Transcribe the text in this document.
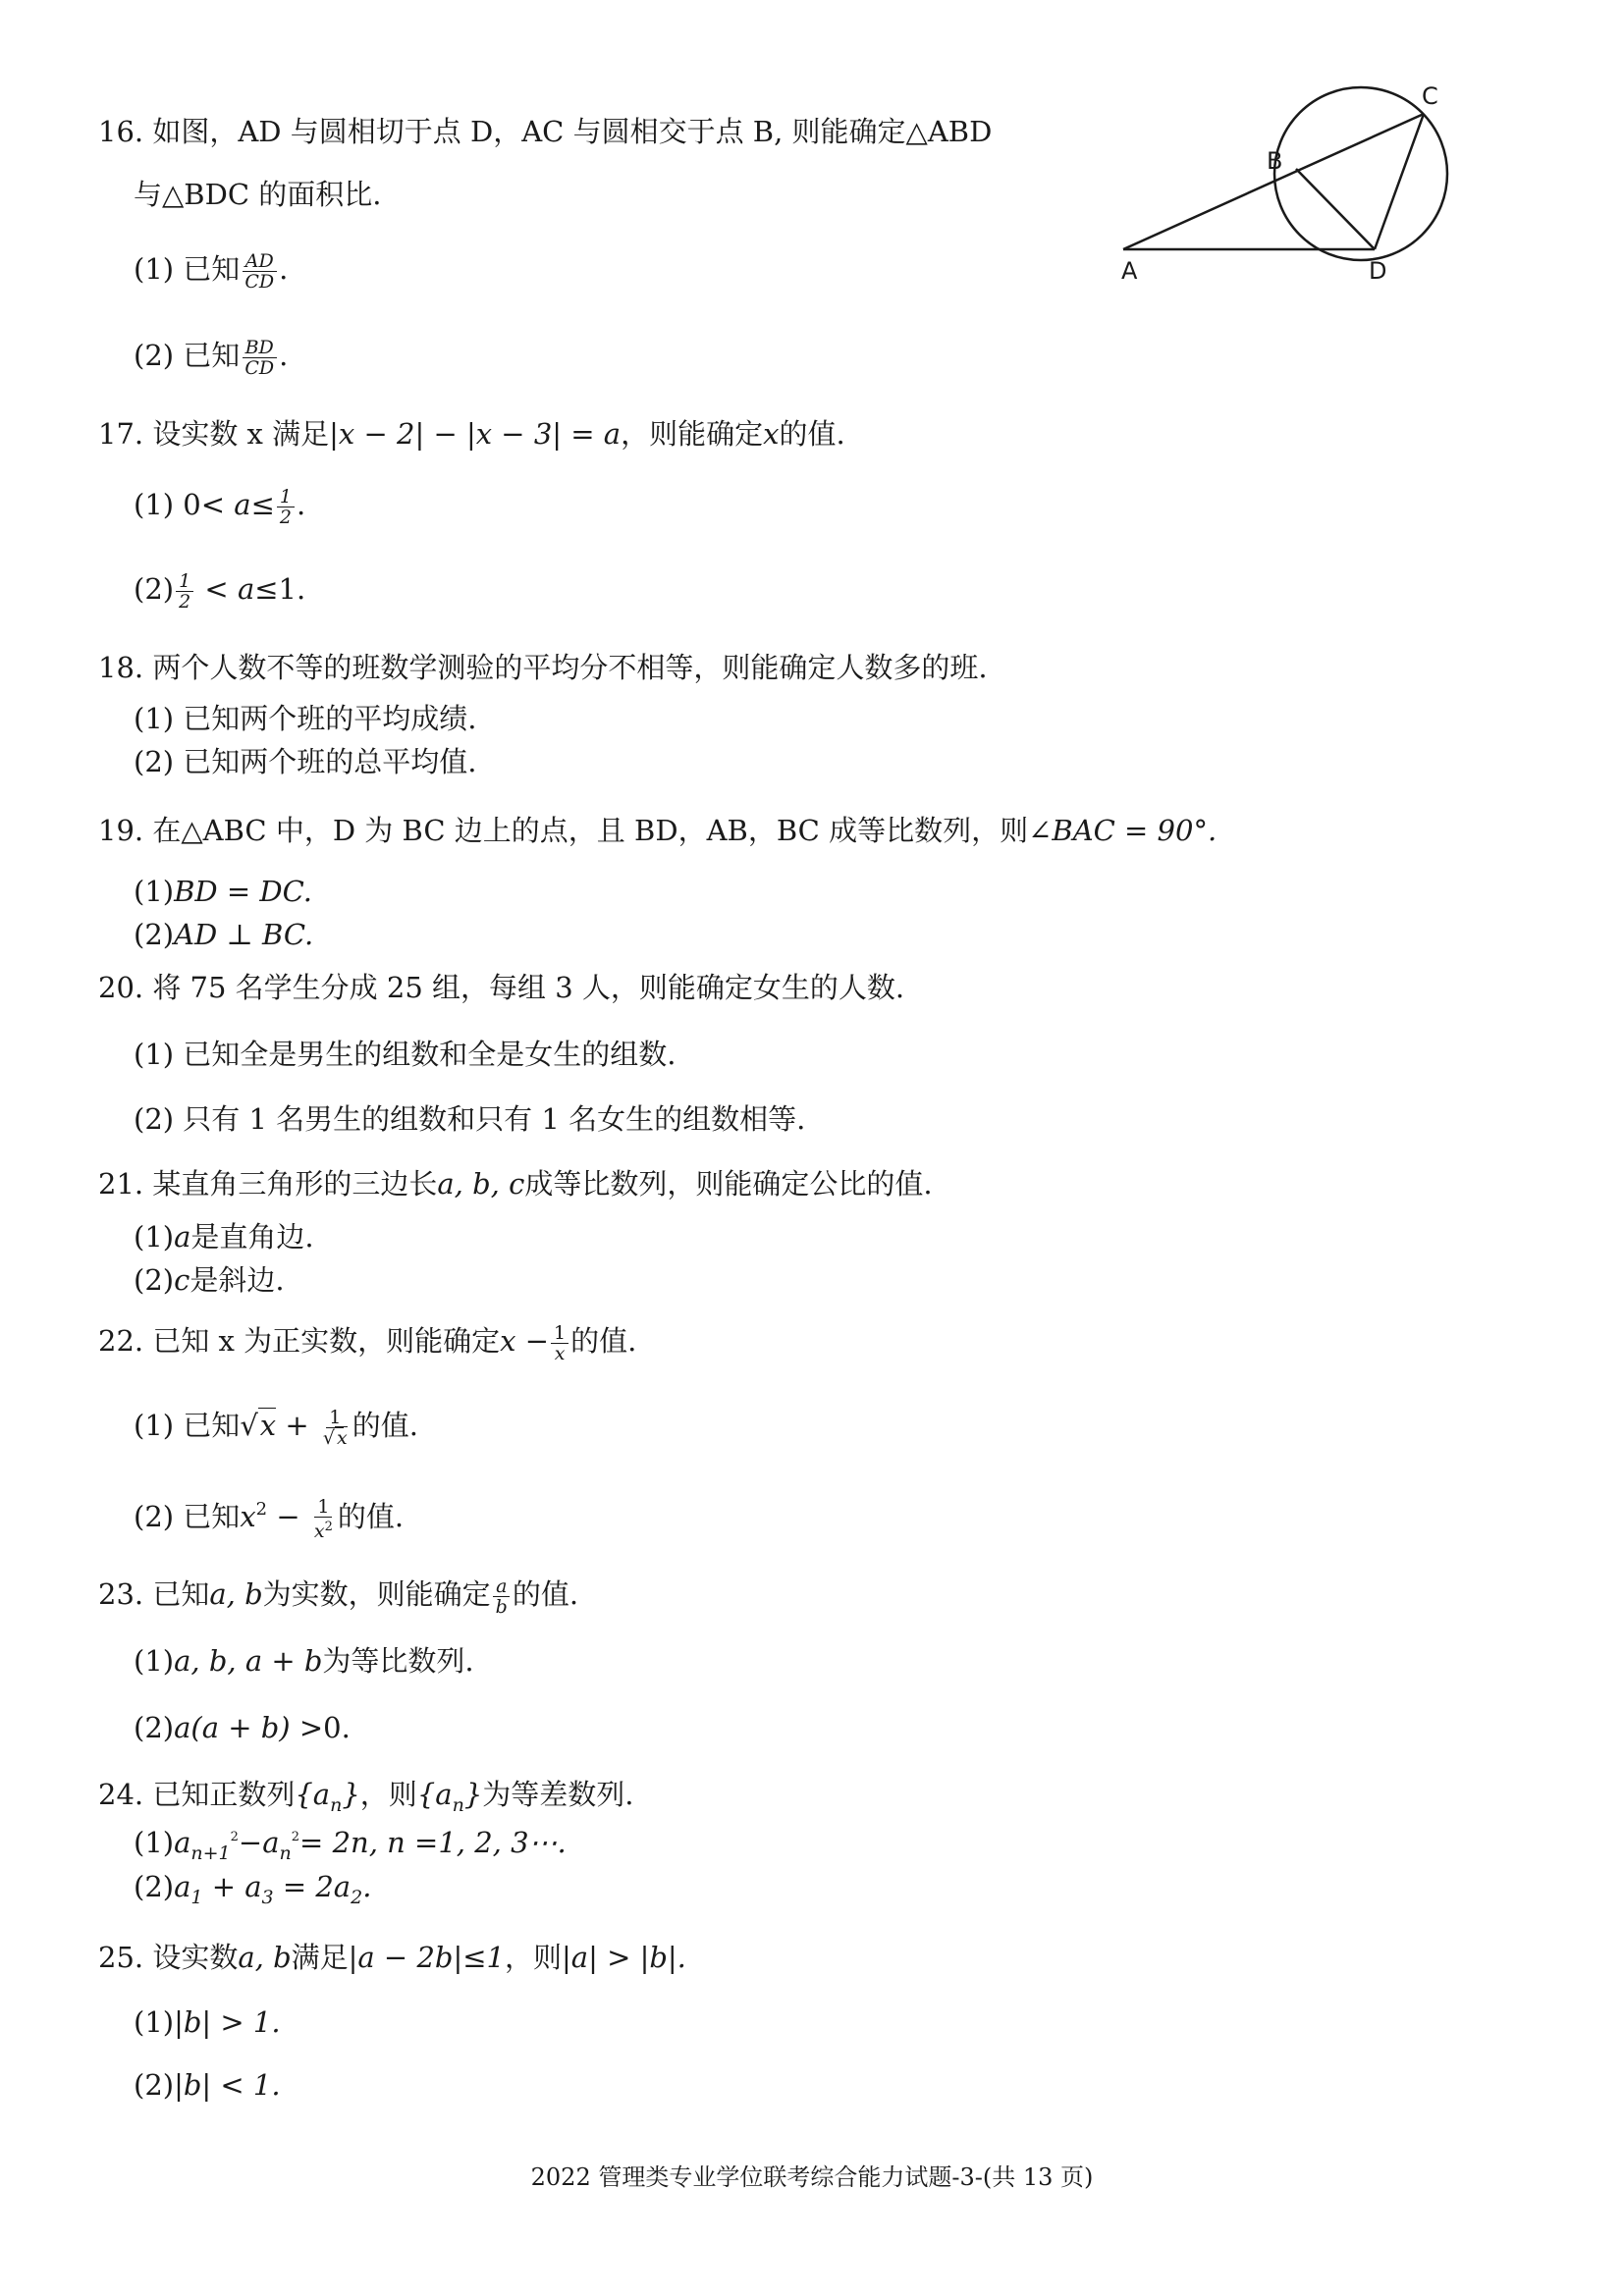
16. 如图，AD 与圆相切于点 D，AC 与圆相交于点 B, 则能确定△ABD
与△BDC 的面积比.
(1) 已知 $\frac{AD}{CD}$ .
(2) 已知 $\frac{BD}{CD}$ .
A
B
C
D
17. 设实数 x 满足|x − 2| − |x − 3| = a，则能确定x的值.
(1) $0< a\le \frac{1}{2}$ .
$(2) \frac{1}{2} < a\le 1$.
18. 两个人数不等的班数学测验的平均分不相等，则能确定人数多的班.
(1) 已知两个班的平均成绩.
(2) 已知两个班的总平均值.
19. 在△ABC 中，D 为 BC 边上的点，且 BD，AB，BC 成等比数列，则∠BAC = 90°.
(1)BD = DC.
(2)AD ⊥ BC.
20. 将 75 名学生分成 25 组，每组 3 人，则能确定女生的人数.
(1) 已知全是男生的组数和全是女生的组数.
(2) 只有 1 名男生的组数和只有 1 名女生的组数相等.
21. 某直角三角形的三边长a, b, c成等比数列，则能确定公比的值.
(1)a是直角边.
(2)c是斜边.
22. 已知 x 为正实数，则能确定$x - \frac{1}{x}$ 的值.
(1) 已知$√x + \frac{1}{√ x}$ 的值.
(2) 已知$x^2 - \frac{1}{x^2}$ 的值.
23. 已知a, b为实数，则能确定 $\frac{a}{b}$ 的值.
(1)a, b, a + b为等比数列.
(2)a(a + b) >0.
24. 已知正数列$\{a_n\}$，则$\{a_n\}$为等差数列.
$(1)a_{n+1}^2-a_n^2= 2n$, n =1, 2, 3⋯.
$(2)a_1 + a_3 = 2a_2$.
25. 设实数a, b满足|a − 2b|≤1，则|a| > |b|.
(1)|b| > 1.
(2)|b| < 1.
2022 管理类专业学位联考综合能力试题-3-(共 13 页)
